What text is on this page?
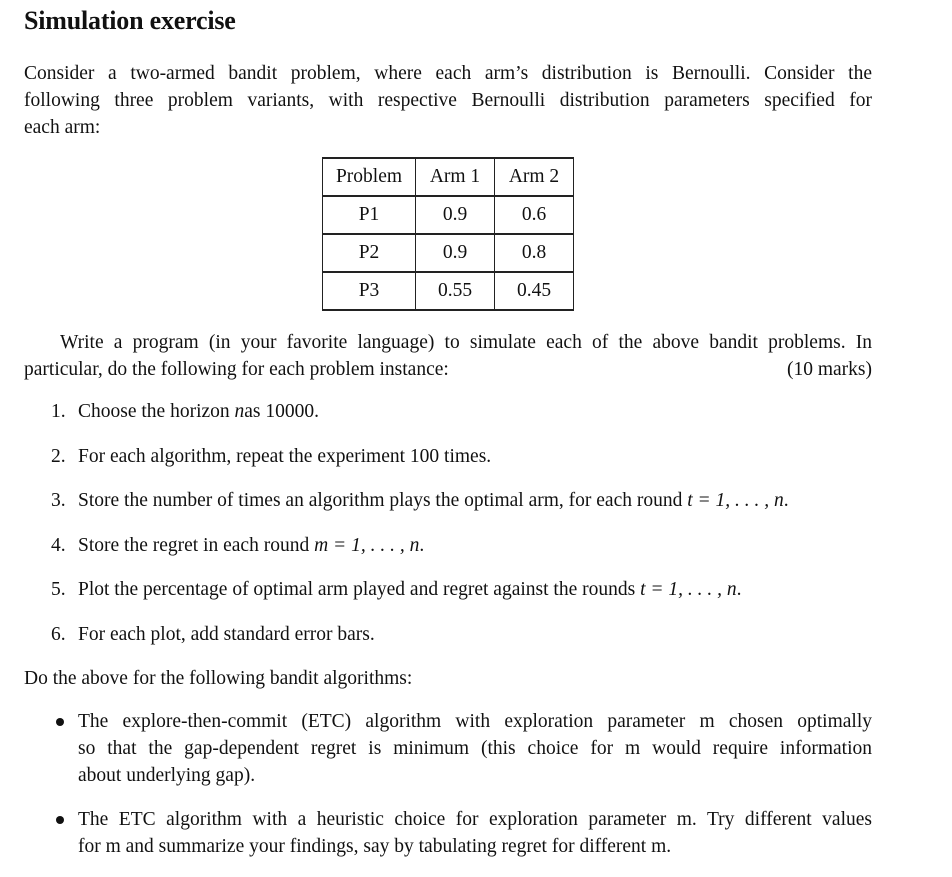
Simulation exercise
Consider a two-armed bandit problem, where each arm’s distribution is Bernoulli. Consider the
following three problem variants, with respective Bernoulli distribution parameters specified for
each arm:
Problem	Arm 1	Arm 2
P1	0.9	0.6
P2	0.9	0.8
P3	0.55	0.45
Write a program (in your favorite language) to simulate each of the above bandit problems. In
particular, do the following for each problem instance:	(10 marks)
1. Choose the horizon
n as 10000.
2. For each algorithm, repeat the experiment 100 times.
3. Store the number of times an algorithm plays the optimal arm, for each round
t = 1, . . . , n .
4. Store the regret in each round
m = 1, . . . , n .
5. Plot the percentage of optimal arm played and regret against the rounds
t = 1, . . . , n .
6. For each plot, add standard error bars.
Do the above for the following bandit algorithms:
The explore-then-commit (ETC) algorithm with exploration parameter m chosen optimally
so that the gap-dependent regret is minimum (this choice for m would require information
about underlying gap).
The ETC algorithm with a heuristic choice for exploration parameter m. Try different values
for m and summarize your findings, say by tabulating regret for different m.
